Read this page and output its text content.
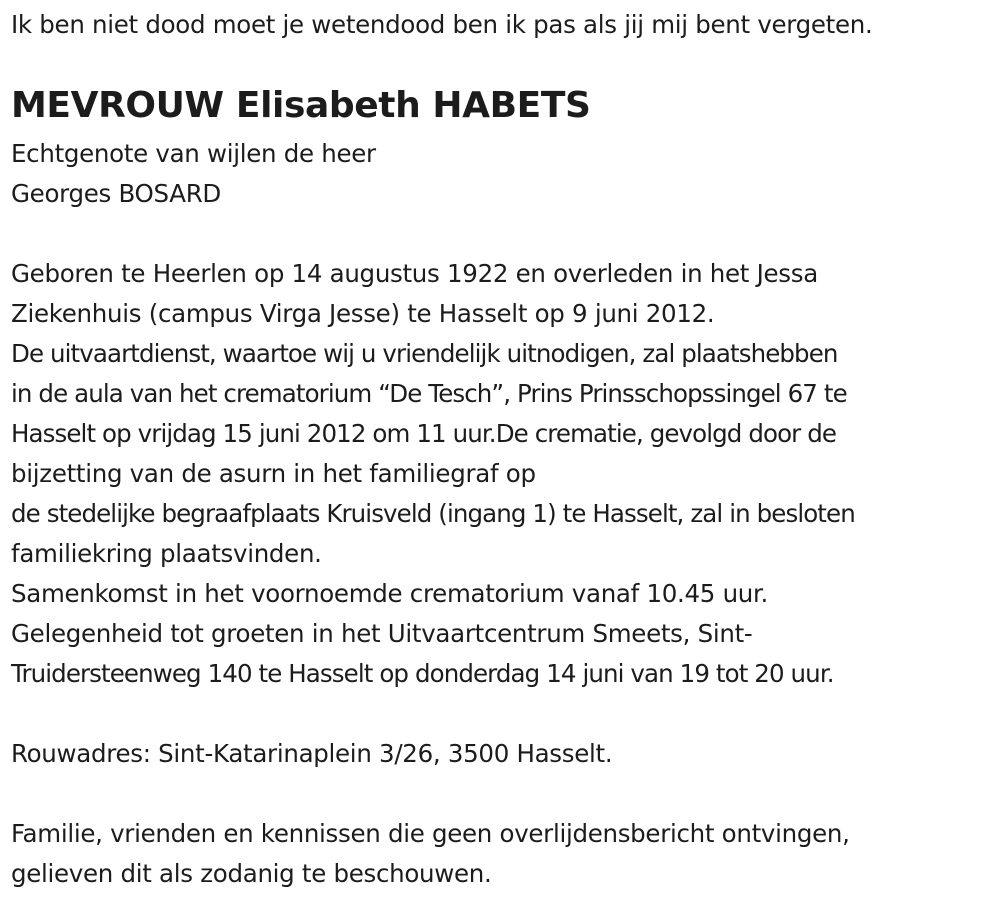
Ik ben niet dood moet je wetendood ben ik pas als jij mij bent vergeten.
MEVROUW Elisabeth HABETS
Echtgenote van wijlen de heer
Georges BOSARD
Geboren te Heerlen op 14 augustus 1922 en overleden in het Jessa
Ziekenhuis (campus Virga Jesse) te Hasselt op 9 juni 2012.
De uitvaartdienst, waartoe wij u vriendelijk uitnodigen, zal plaatshebben
in de aula van het crematorium “De Tesch”, Prins Prinsschopssingel 67 te
Hasselt op vrijdag 15 juni 2012 om 11 uur.De crematie, gevolgd door de
bijzetting van de asurn in het familiegraf op
de stedelijke begraafplaats Kruisveld (ingang 1) te Hasselt, zal in besloten
familiekring plaatsvinden.
Samenkomst in het voornoemde crematorium vanaf 10.45 uur.
Gelegenheid tot groeten in het Uitvaartcentrum Smeets, Sint-
Truidersteenweg 140 te Hasselt op donderdag 14 juni van 19 tot 20 uur.
Rouwadres: Sint-Katarinaplein 3/26, 3500 Hasselt.
Familie, vrienden en kennissen die geen overlijdensbericht ontvingen,
gelieven dit als zodanig te beschouwen.
